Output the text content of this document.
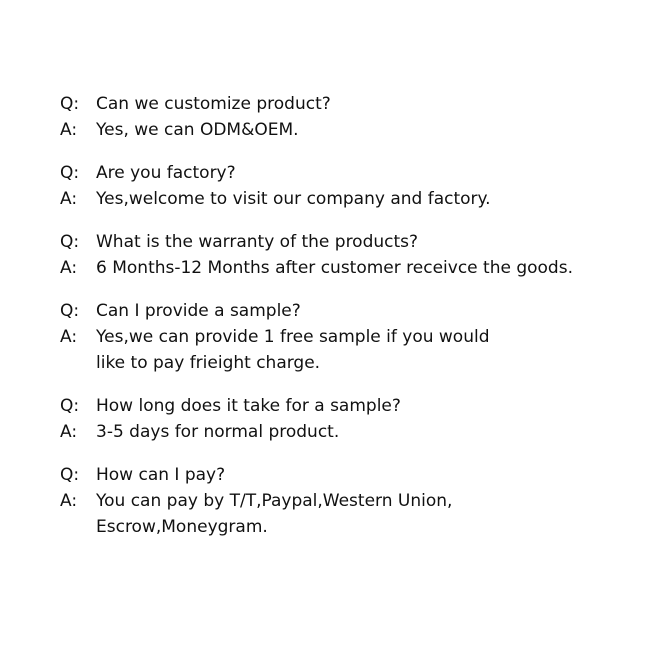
Q: Can we customize product?
A:	Yes, we can ODM&OEM.
Q: Are you factory?
A:	Yes,welcome to visit our company and factory.
Q: What is the warranty of the products?
A:	6 Months-12 Months after customer receivce the goods.
Q: Can I provide a sample?
A:	Yes,we can provide 1 free sample if you would
like to pay frieight charge.
Q: How long does it take for a sample?
A:	3-5 days for normal product.
Q: How can I pay?
A:	You can pay by T/T,Paypal,Western Union,
Escrow,Moneygram.
